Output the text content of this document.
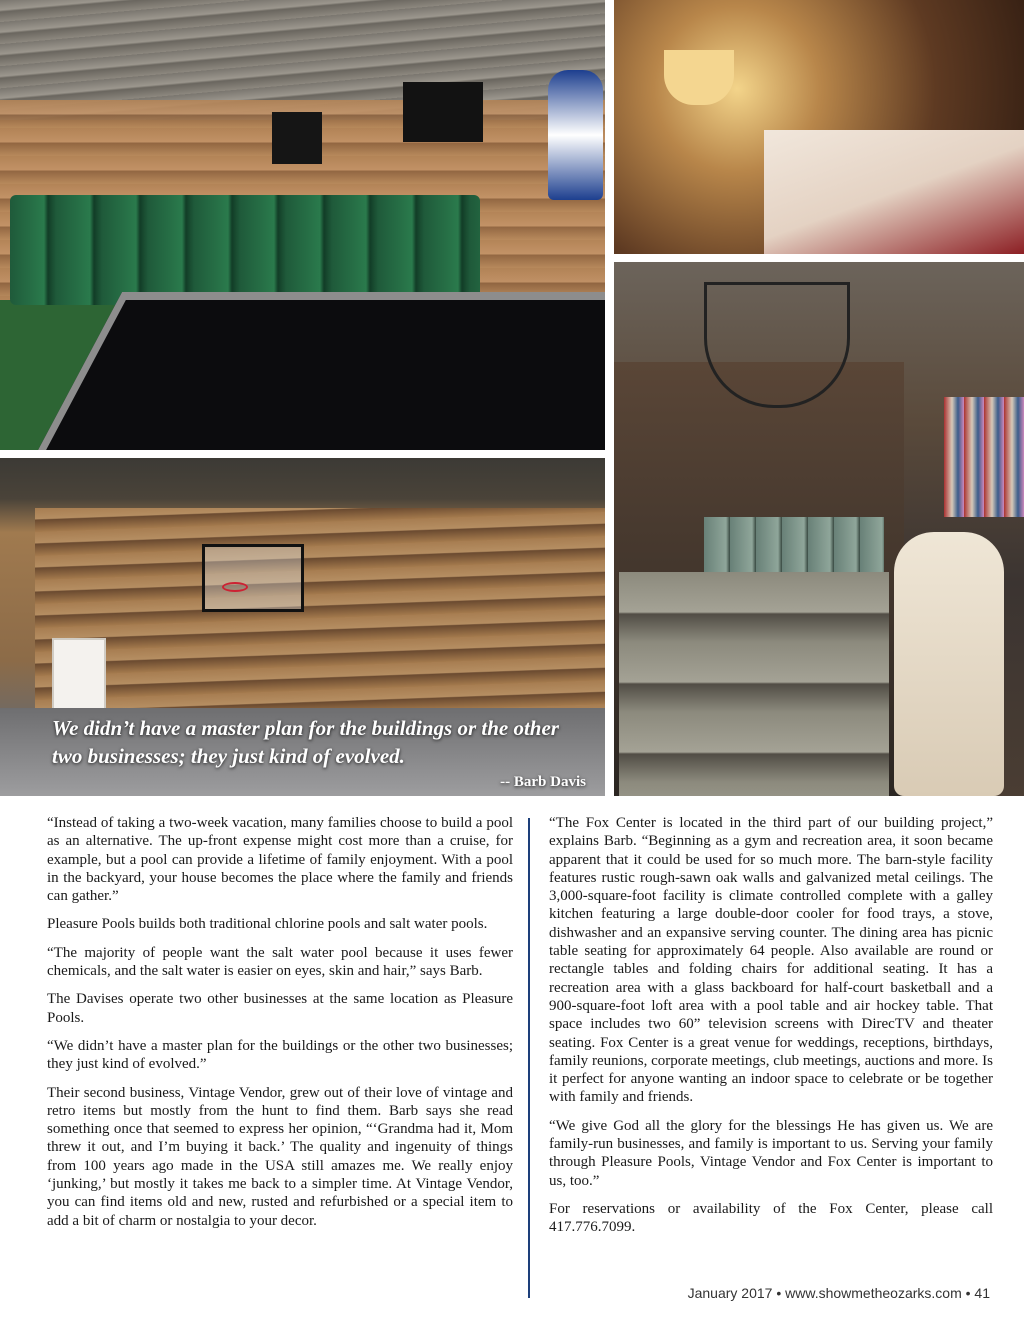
We didn’t have a master plan for the buildings or the other two businesses; they just kind of evolved.
-- Barb Davis

“Instead of taking a two-week vacation, many families choose to build a pool as an alternative. The up-front expense might cost more than a cruise, for example, but a pool can provide a lifetime of family enjoyment. With a pool in the backyard, your house becomes the place where the family and friends can gather.”

Pleasure Pools builds both traditional chlorine pools and salt water pools.

“The majority of people want the salt water pool because it uses fewer chemicals, and the salt water is easier on eyes, skin and hair,” says Barb.

The Davises operate two other businesses at the same location as Pleasure Pools.

“We didn’t have a master plan for the buildings or the other two businesses; they just kind of evolved.”

Their second business, Vintage Vendor, grew out of their love of vintage and retro items but mostly from the hunt to find them. Barb says she read something once that seemed to express her opinion, “‘Grandma had it, Mom threw it out, and I’m buying it back.’ The quality and ingenuity of things from 100 years ago made in the USA still amazes me. We really enjoy ‘junking,’ but mostly it takes me back to a simpler time. At Vintage Vendor, you can find items old and new, rusted and refurbished or a special item to add a bit of charm or nostalgia to your decor.

“The Fox Center is located in the third part of our building project,” explains Barb. “Beginning as a gym and recreation area, it soon became apparent that it could be used for so much more. The barn-style facility features rustic rough-sawn oak walls and galvanized metal ceilings. The 3,000-square-foot facility is climate controlled complete with a galley kitchen featuring a large double-door cooler for food trays, a stove, dishwasher and an expansive serving counter. The dining area has picnic table seating for approximately 64 people. Also available are round or rectangle tables and folding chairs for additional seating. It has a recreation area with a glass backboard for half-court basketball and a 900-square-foot loft area with a pool table and air hockey table. That space includes two 60” television screens with DirecTV and theater seating. Fox Center is a great venue for weddings, receptions, birthdays, family reunions, corporate meetings, club meetings, auctions and more. Is it perfect for anyone wanting an indoor space to celebrate or be together with family and friends.

“We give God all the glory for the blessings He has given us. We are family-run businesses, and family is important to us. Serving your family through Pleasure Pools, Vintage Vendor and Fox Center is important to us, too.”

For reservations or availability of the Fox Center, please call 417.776.7099.

January 2017 • www.showmetheozarks.com • 41
